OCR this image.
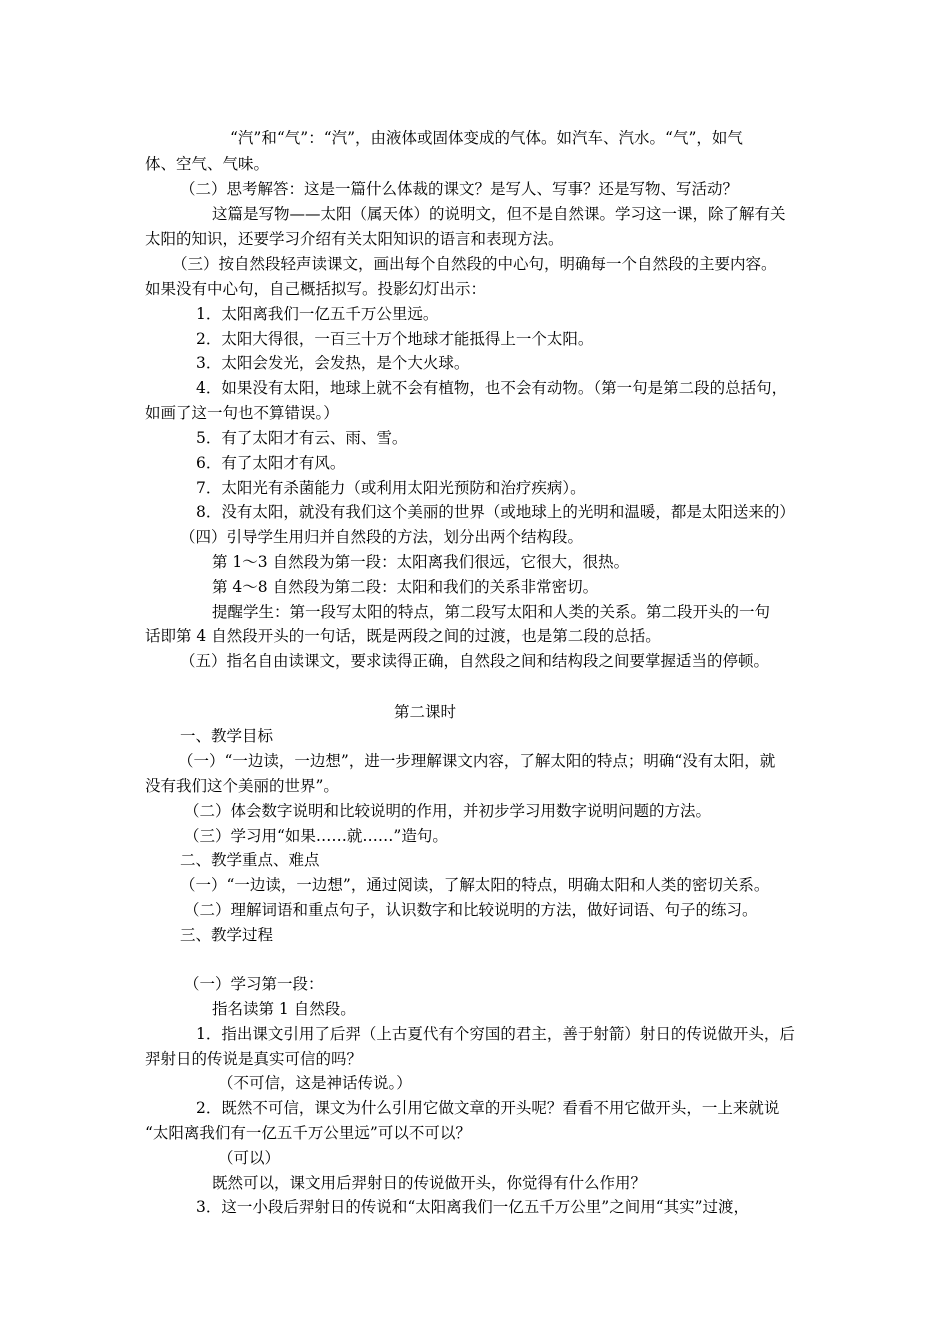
“汽”和“气”：“汽”，由液体或固体变成的气体。如汽车、汽水。“气”，如气
体、空气、气味。
（二）思考解答：这是一篇什么体裁的课文？是写人、写事？还是写物、写活动？
这篇是写物——太阳（属天体）的说明文，但不是自然课。学习这一课，除了解有关
太阳的知识，还要学习介绍有关太阳知识的语言和表现方法。
（三）按自然段轻声读课文，画出每个自然段的中心句，明确每一个自然段的主要内容。
如果没有中心句，自己概括拟写。投影幻灯出示：
1．太阳离我们一亿五千万公里远。
2．太阳大得很，一百三十万个地球才能抵得上一个太阳。
3．太阳会发光，会发热，是个大火球。
4．如果没有太阳，地球上就不会有植物，也不会有动物。（第一句是第二段的总括句，
如画了这一句也不算错误。）
5．有了太阳才有云、雨、雪。
6．有了太阳才有风。
7．太阳光有杀菌能力（或利用太阳光预防和治疗疾病）。
8．没有太阳，就没有我们这个美丽的世界（或地球上的光明和温暖，都是太阳送来的）
（四）引导学生用归并自然段的方法，划分出两个结构段。
第 1～3 自然段为第一段：太阳离我们很远，它很大，很热。
第 4～8 自然段为第二段：太阳和我们的关系非常密切。
提醒学生：第一段写太阳的特点，第二段写太阳和人类的关系。第二段开头的一句
话即第 4 自然段开头的一句话，既是两段之间的过渡，也是第二段的总括。
（五）指名自由读课文，要求读得正确，自然段之间和结构段之间要掌握适当的停顿。
第二课时
一、教学目标
（一）“一边读，一边想”，进一步理解课文内容，了解太阳的特点；明确“没有太阳，就
没有我们这个美丽的世界”。
（二）体会数字说明和比较说明的作用，并初步学习用数字说明问题的方法。
（三）学习用“如果……就……”造句。
二、教学重点、难点
（一）“一边读，一边想”，通过阅读，了解太阳的特点，明确太阳和人类的密切关系。
（二）理解词语和重点句子，认识数字和比较说明的方法，做好词语、句子的练习。
三、教学过程
（一）学习第一段：
指名读第 1 自然段。
1．指出课文引用了后羿（上古夏代有个穷国的君主，善于射箭）射日的传说做开头，后
羿射日的传说是真实可信的吗？
（不可信，这是神话传说。）
2．既然不可信，课文为什么引用它做文章的开头呢？看看不用它做开头，一上来就说
“太阳离我们有一亿五千万公里远”可以不可以？
（可以）
既然可以，课文用后羿射日的传说做开头，你觉得有什么作用？
3．这一小段后羿射日的传说和“太阳离我们一亿五千万公里”之间用“其实”过渡，
